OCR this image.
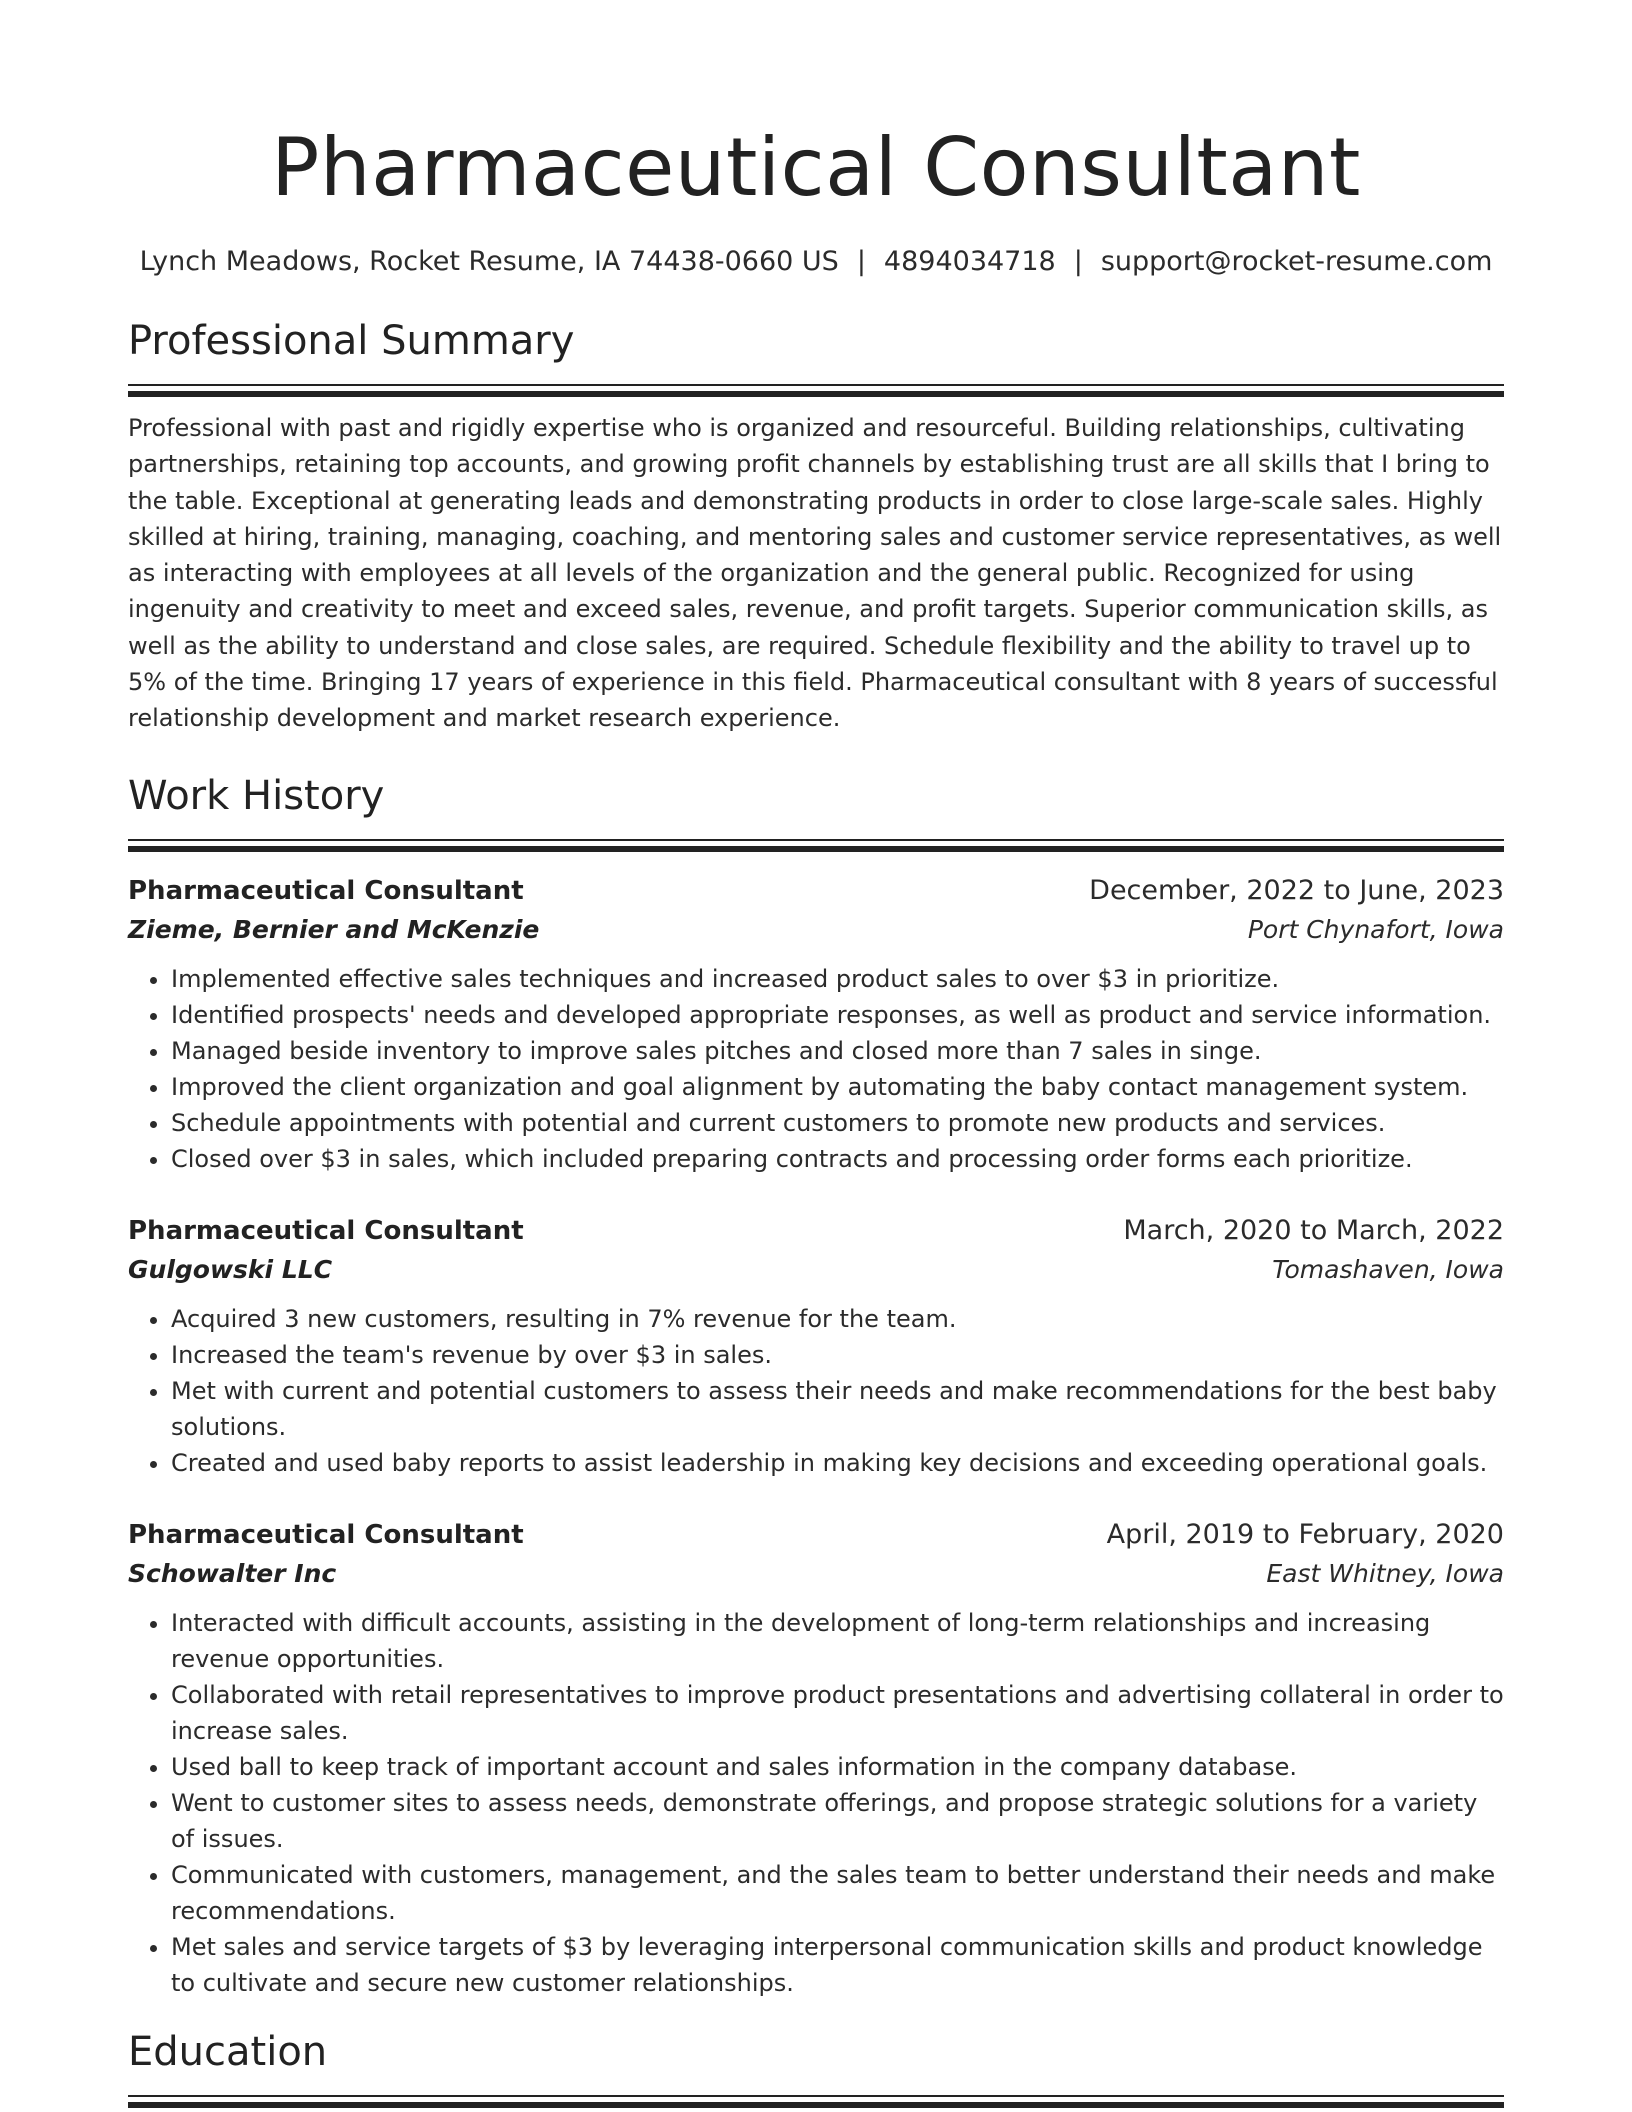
Pharmaceutical Consultant
Lynch Meadows, Rocket Resume, IA 74438-0660 US | 4894034718 | support@rocket-resume.com
Professional Summary
Professional with past and rigidly expertise who is organized and resourceful. Building relationships, cultivating partnerships, retaining top accounts, and growing profit channels by establishing trust are all skills that I bring to the table. Exceptional at generating leads and demonstrating products in order to close large-scale sales. Highly skilled at hiring, training, managing, coaching, and mentoring sales and customer service representatives, as well as interacting with employees at all levels of the organization and the general public. Recognized for using ingenuity and creativity to meet and exceed sales, revenue, and profit targets. Superior communication skills, as well as the ability to understand and close sales, are required. Schedule flexibility and the ability to travel up to 5% of the time. Bringing 17 years of experience in this field. Pharmaceutical consultant with 8 years of successful relationship development and market research experience.
Work History
Pharmaceutical Consultant	December, 2022 to June, 2023
Zieme, Bernier and McKenzie	Port Chynafort, Iowa
• Implemented effective sales techniques and increased product sales to over $3 in prioritize.
• Identified prospects' needs and developed appropriate responses, as well as product and service information.
• Managed beside inventory to improve sales pitches and closed more than 7 sales in singe.
• Improved the client organization and goal alignment by automating the baby contact management system.
• Schedule appointments with potential and current customers to promote new products and services.
• Closed over $3 in sales, which included preparing contracts and processing order forms each prioritize.
Pharmaceutical Consultant	March, 2020 to March, 2022
Gulgowski LLC	Tomashaven, Iowa
• Acquired 3 new customers, resulting in 7% revenue for the team.
• Increased the team's revenue by over $3 in sales.
• Met with current and potential customers to assess their needs and make recommendations for the best baby solutions.
• Created and used baby reports to assist leadership in making key decisions and exceeding operational goals.
Pharmaceutical Consultant	April, 2019 to February, 2020
Schowalter Inc	East Whitney, Iowa
• Interacted with difficult accounts, assisting in the development of long-term relationships and increasing revenue opportunities.
• Collaborated with retail representatives to improve product presentations and advertising collateral in order to increase sales.
• Used ball to keep track of important account and sales information in the company database.
• Went to customer sites to assess needs, demonstrate offerings, and propose strategic solutions for a variety of issues.
• Communicated with customers, management, and the sales team to better understand their needs and make recommendations.
• Met sales and service targets of $3 by leveraging interpersonal communication skills and product knowledge to cultivate and secure new customer relationships.
Education
